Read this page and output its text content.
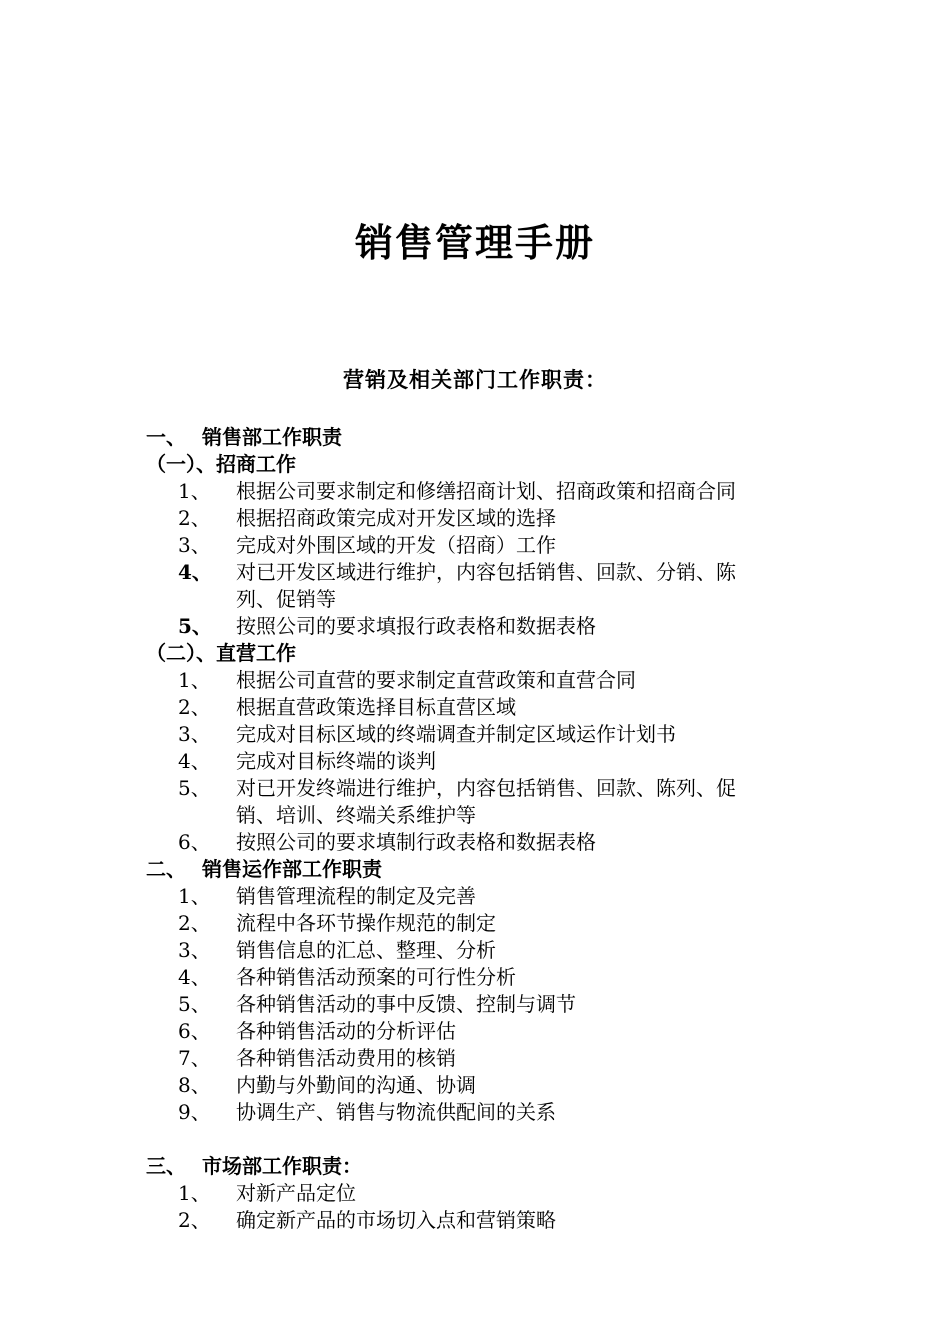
销售管理手册
营销及相关部门工作职责：
一、 销售部工作职责
（一）、招商工作
1、 根据公司要求制定和修缮招商计划、招商政策和招商合同
2、 根据招商政策完成对开发区域的选择
3、 完成对外围区域的开发（招商）工作
4、 对已开发区域进行维护，内容包括销售、回款、分销、陈
列、促销等
5、 按照公司的要求填报行政表格和数据表格
（二）、直营工作
1、 根据公司直营的要求制定直营政策和直营合同
2、 根据直营政策选择目标直营区域
3、 完成对目标区域的终端调查并制定区域运作计划书
4、 完成对目标终端的谈判
5、 对已开发终端进行维护，内容包括销售、回款、陈列、促
销、培训、终端关系维护等
6、 按照公司的要求填制行政表格和数据表格
二、 销售运作部工作职责
1、 销售管理流程的制定及完善
2、 流程中各环节操作规范的制定
3、 销售信息的汇总、整理、分析
4、 各种销售活动预案的可行性分析
5、 各种销售活动的事中反馈、控制与调节
6、 各种销售活动的分析评估
7、 各种销售活动费用的核销
8、 内勤与外勤间的沟通、协调
9、 协调生产、销售与物流供配间的关系
三、 市场部工作职责：
1、 对新产品定位
2、 确定新产品的市场切入点和营销策略
